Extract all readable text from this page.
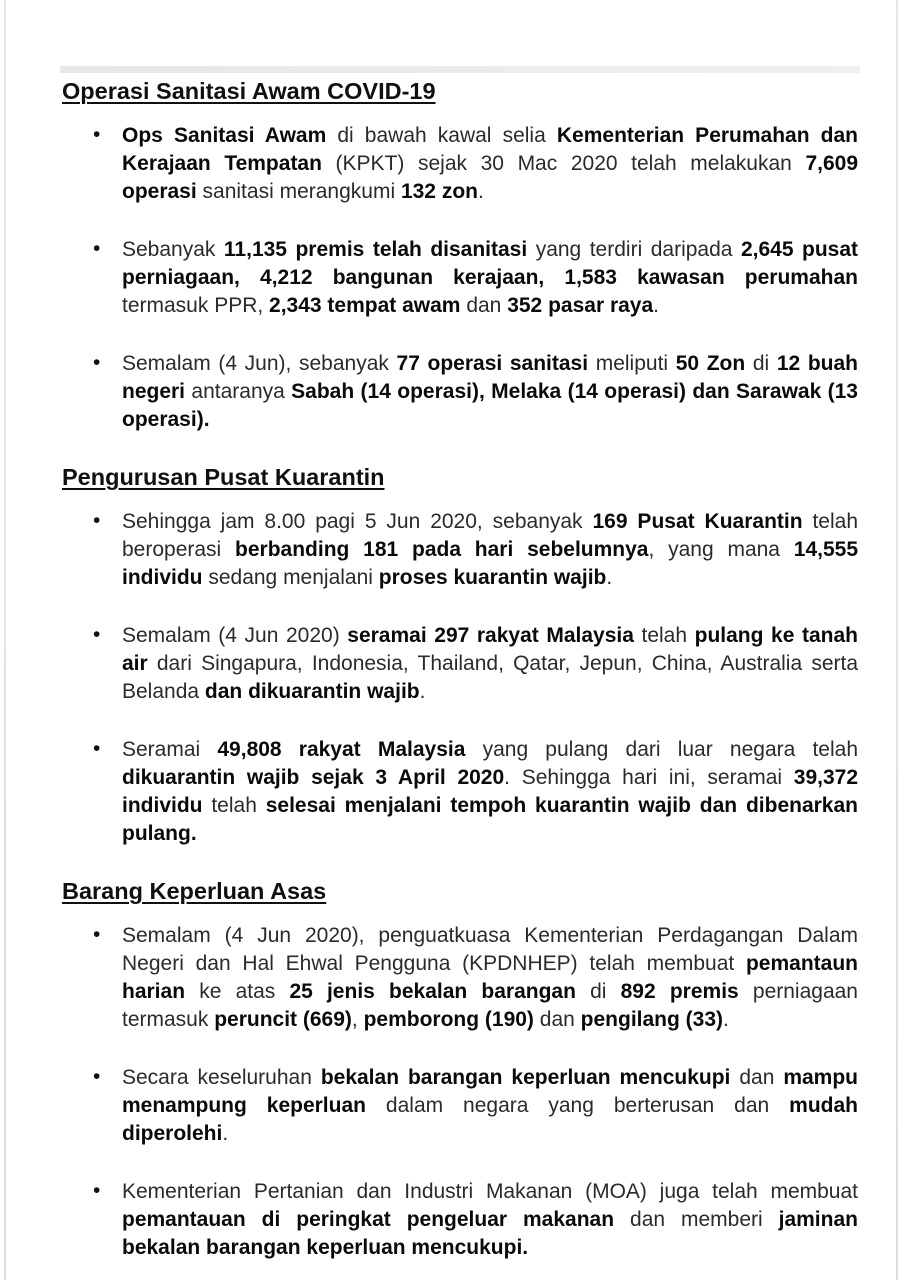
Operasi Sanitasi Awam COVID-19
• Ops Sanitasi Awam di bawah kawal selia Kementerian Perumahan dan Kerajaan Tempatan (KPKT) sejak 30 Mac 2020 telah melakukan 7,609 operasi sanitasi merangkumi 132 zon.
• Sebanyak 11,135 premis telah disanitasi yang terdiri daripada 2,645 pusat perniagaan, 4,212 bangunan kerajaan, 1,583 kawasan perumahan termasuk PPR, 2,343 tempat awam dan 352 pasar raya.
• Semalam (4 Jun), sebanyak 77 operasi sanitasi meliputi 50 Zon di 12 buah negeri antaranya Sabah (14 operasi), Melaka (14 operasi) dan Sarawak (13 operasi).
Pengurusan Pusat Kuarantin
• Sehingga jam 8.00 pagi 5 Jun 2020, sebanyak 169 Pusat Kuarantin telah beroperasi berbanding 181 pada hari sebelumnya, yang mana 14,555 individu sedang menjalani proses kuarantin wajib.
• Semalam (4 Jun 2020) seramai 297 rakyat Malaysia telah pulang ke tanah air dari Singapura, Indonesia, Thailand, Qatar, Jepun, China, Australia serta Belanda dan dikuarantin wajib.
• Seramai 49,808 rakyat Malaysia yang pulang dari luar negara telah dikuarantin wajib sejak 3 April 2020. Sehingga hari ini, seramai 39,372 individu telah selesai menjalani tempoh kuarantin wajib dan dibenarkan pulang.
Barang Keperluan Asas
• Semalam (4 Jun 2020), penguatkuasa Kementerian Perdagangan Dalam Negeri dan Hal Ehwal Pengguna (KPDNHEP) telah membuat pemantaun harian ke atas 25 jenis bekalan barangan di 892 premis perniagaan termasuk peruncit (669), pemborong (190) dan pengilang (33).
• Secara keseluruhan bekalan barangan keperluan mencukupi dan mampu menampung keperluan dalam negara yang berterusan dan mudah diperolehi.
• Kementerian Pertanian dan Industri Makanan (MOA) juga telah membuat pemantauan di peringkat pengeluar makanan dan memberi jaminan bekalan barangan keperluan mencukupi.
